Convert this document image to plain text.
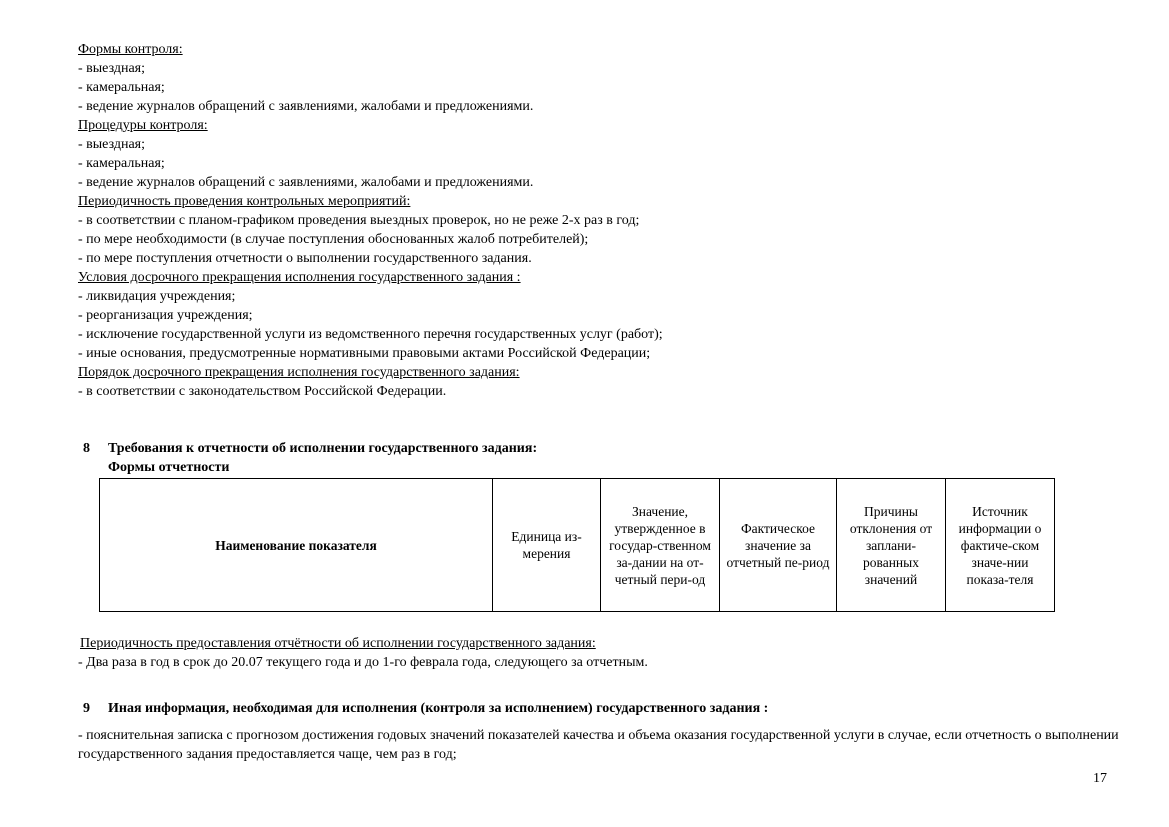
Формы контроля:
- выездная;
- камеральная;
- ведение журналов обращений с заявлениями, жалобами и предложениями.
Процедуры контроля:
- выездная;
- камеральная;
- ведение журналов обращений с заявлениями, жалобами и предложениями.
Периодичность проведения контрольных мероприятий:
- в соответствии с планом-графиком проведения выездных проверок, но не реже 2-х раз в год;
- по мере необходимости (в случае поступления обоснованных жалоб потребителей);
- по мере поступления отчетности о выполнении государственного задания.
Условия досрочного прекращения исполнения государственного задания :
- ликвидация учреждения;
- реорганизация учреждения;
- исключение государственной услуги из ведомственного перечня государственных услуг (работ);
- иные основания, предусмотренные нормативными правовыми актами Российской Федерации;
Порядок досрочного прекращения исполнения государственного задания:
- в соответствии с законодательством Российской Федерации.
8 Требования к отчетности об исполнении государственного задания:
Формы отчетности
Наименование показателя	Единица из-мерения	Значение, утвержденное в государ-ственном за-дании на от-четный пери-од	Фактическое значение за отчетный пе-риод	Причины отклонения от заплани-рованных значений	Источник информации о фактиче-ском значе-нии показа-теля
Периодичность предоставления отчётности об исполнении государственного задания:
- Два раза в год в срок до 20.07 текущего года и до 1-го феврала года, следующего за отчетным.
9 Иная информация, необходимая для исполнения (контроля за исполнением) государственного задания :
- пояснительная записка с прогнозом достижения годовых значений показателей качества и объема оказания государственной услуги в случае, если отчетность о выполнении государственного задания предоставляется чаще, чем раз в год;
17
